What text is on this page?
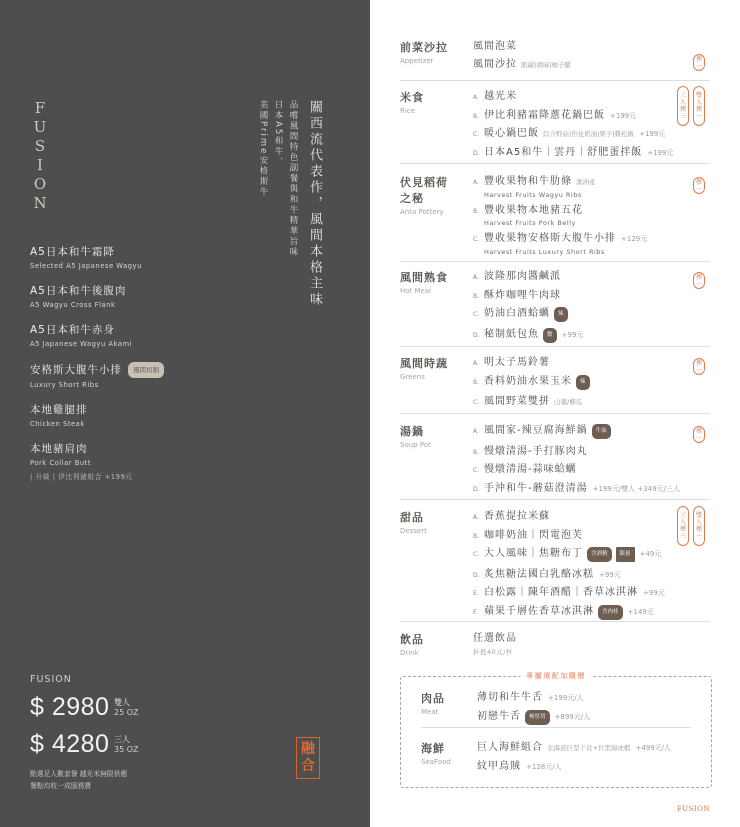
F
U
S
I
O
N	關西流代表作，風間本格主味
品嚐風間特色副餐與和牛精華旨味
日本A5和牛、
美國Prime安格斯牛
A5日本和牛霜降
Selected A5 Japanese Wagyu
A5日本和牛後腹肉
A5 Wagyu Cross Flank
A5日本和牛赤身
A5 Japanese Wagyu Akami
安格斯大腹牛小排	風間切割
Luxury Short Ribs
本地雞腿排
Chicken Steak
本地豬肩肉
Pork Collar Butt
| 升級 | 伊比利豬組合 +199元
FUSION
$ 2980 雙人
25 OZ
$ 4280 三人
35 OZ
點選足人數套餐 越光米無限供應
餐點均收一成服務費
融
合
前菜沙拉
Appetizer
風間泡菜
風間沙拉 凱薩|胡麻|柚子醋
擇
一
米食
Rice
A. 越光米
B. 伊比利豬霜降蔥花鍋巴飯 +199元
C. 暖心鍋巴飯 綜合野菇|焦化奶油|栗子|雞松飯 +199元
D. 日本A5和牛｜雲丹｜舒肥蛋拌飯 +199元
三
人
擇
三
雙
人
擇
一
伏見稻荷
之秘
Anta Pottery
A. 豐收果物和牛肋條 澳洲產
Harvest Fruits Wagyu Ribs
B. 豐收果物本地豬五花
Harvest Fruits Pork Belly
C. 豐收果物安格斯大腹牛小排 +129元
Harvest Fruits Luxury Short Ribs
擇
一
風間熟食
Hot Meal
A. 波隆那肉醬鹹派
B. 酥炸咖哩牛肉球
C. 奶油白酒蛤蠣	辣
D. 秘制紙包魚	微	+99元
擇
一
風間時蔬
Greens
A. 明太子馬鈴薯
B. 香料奶油水果玉米	辣
C. 風間野菜雙拼 山藥/櫛瓜
擇
一
湯鍋
Soup Pot
A. 風間家-辣豆腐海鮮鍋	牛油
B. 慢燉清湯-手打豚肉丸
C. 慢燉清湯-蒜味蛤蠣
D. 手沖和牛-蘑菇澄清湯 +199元/雙人 +349元/三人
擇
一
甜品
Dessert
A. 香蕉提拉米蘇
B. 咖啡奶油｜閃電泡芙
C. 大人風味｜焦糖布丁	含酒精	限量	+49元
D. 炙焦糖法國白乳酪冰糕 +99元
E. 白松露｜陳年酒醋｜香草冰淇淋 +99元
F. 蘋果千層佐香草冰淇淋	含肉桂	+149元
三
人
擇
三
雙
人
擇
一
飲品
Drink
任選飲品
折抵40元/杯
專屬選配加購價
肉品
Meat
薄切和牛牛舌 +199元/人
初戀牛舌	極厚切	+899元/人
海鮮
SeaFood
巨人海鮮組合 北海道巨型干貝+巨型海虎蝦 +499元/人
紋甲烏賊 +128元/人
FUSION
